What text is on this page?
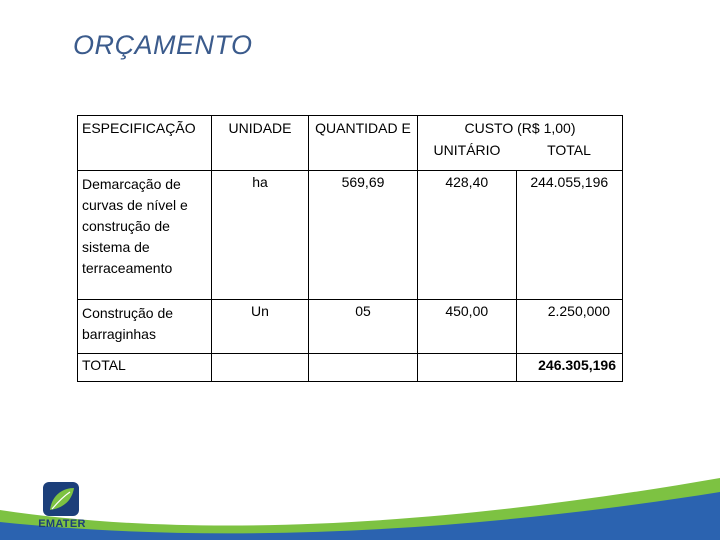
ORÇAMENTO
ESPECIFICAÇÃO	UNIDADE	QUANTIDAD E	CUSTO (R$ 1,00)	
			UNITÁRIO	TOTAL
Demarcação de curvas de nível e construção de sistema de terraceamento	ha	569,69	428,40	244.055,196
Construção de barraginhas	Un	05	450,00	2.250,000
TOTAL				246.305,196
EMATER
